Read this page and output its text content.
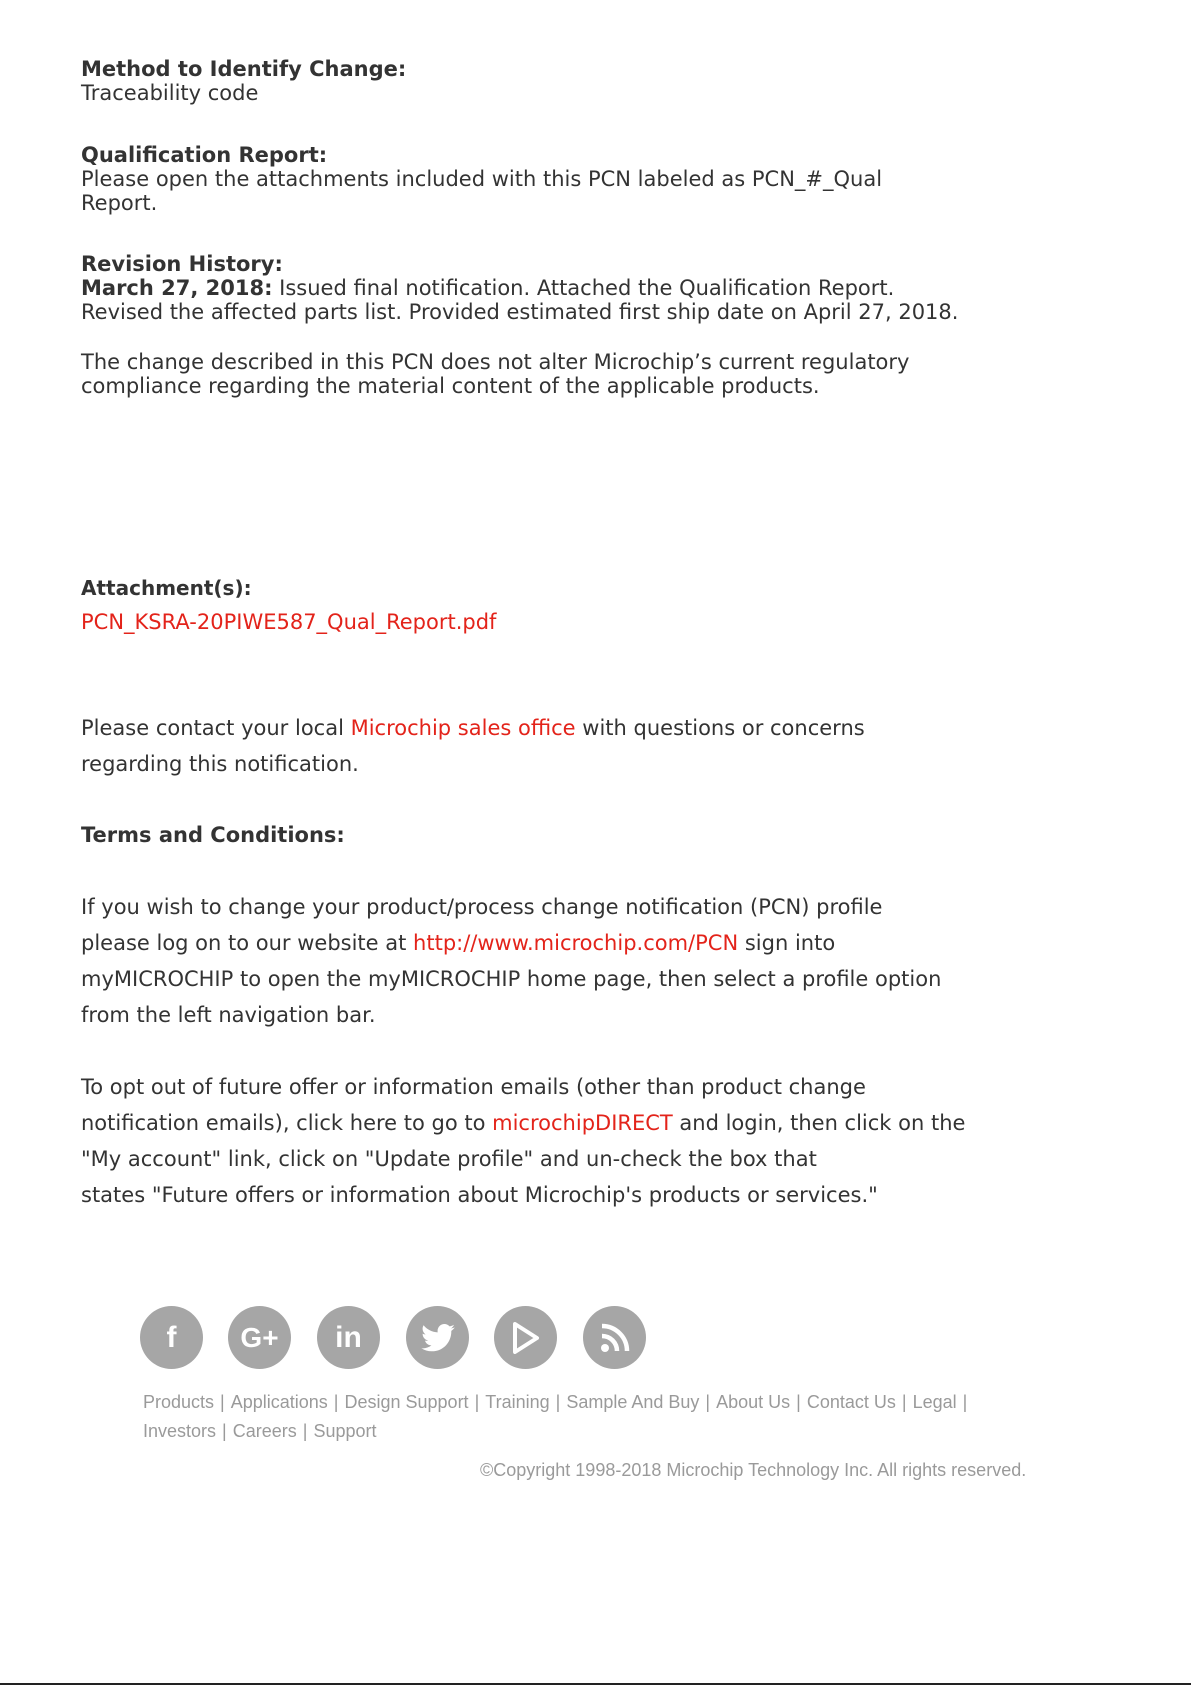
Method to Identify Change:

Traceability code

Qualification Report:

Please open the attachments included with this PCN labeled as PCN_#_Qual

Report.

Revision History:

March 27, 2018: Issued final notification. Attached the Qualification Report.

Revised the affected parts list. Provided estimated first ship date on April 27, 2018.

The change described in this PCN does not alter Microchip’s current regulatory

compliance regarding the material content of the applicable products.

Attachment(s):

PCN_KSRA-20PIWE587_Qual_Report.pdf

Please contact your local Microchip sales office with questions or concerns

regarding this notification.

Terms and Conditions:

If you wish to change your product/process change notification (PCN) profile

please log on to our website at http://www.microchip.com/PCN sign into

myMICROCHIP to open the myMICROCHIP home page, then select a profile option

from the left navigation bar.

To opt out of future offer or information emails (other than product change

notification emails), click here to go to microchipDIRECT and login, then click on the

"My account" link, click on "Update profile" and un-check the box that

states "Future offers or information about Microchip's products or services."

f G+ in
Products | Applications | Design Support | Training | Sample And Buy | About Us | Contact Us | Legal |
Investors | Careers | Support
©Copyright 1998-2018 Microchip Technology Inc. All rights reserved.
